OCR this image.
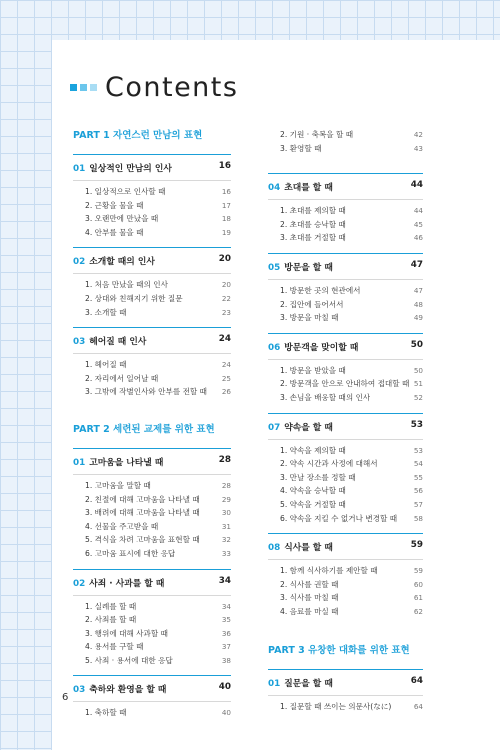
Contents
PART 1 자연스런 만남의 표현
01 일상적인 만남의 인사	16
1. 일상적으로 인사할 때	16
2. 근황을 물을 때	17
3. 오랜만에 만났을 때	18
4. 안부를 물을 때	19
02 소개할 때의 인사	20
1. 처음 만났을 때의 인사	20
2. 상대와 친해지기 위한 질문	22
3. 소개할 때	23
03 헤어질 때 인사	24
1. 헤어질 때	24
2. 자리에서 일어날 때	25
3. 그밖에 작별인사와 안부를 전할 때 26
PART 2 세련된 교제를 위한 표현
01 고마움을 나타낼 때	28
1. 고마움을 말할 때	28
2. 친절에 대해 고마움을 나타낼 때	29
3. 배려에 대해 고마움을 나타낼 때	30
4. 선물을 주고받을 때	31
5. 격식을 차려 고마움을 표현할 때	32
6. 고마움 표시에 대한 응답	33
02 사죄 · 사과를 할 때	34
1. 실례를 할 때	34
2. 사죄를 할 때	35
3. 행위에 대해 사과할 때	36
4. 용서를 구할 때	37
5. 사죄 · 용서에 대한 응답	38
03 축하와 환영을 할 때	40
1. 축하할 때	40
2. 기원 · 축복을 할 때	42
3. 환영할 때	43
04 초대를 할 때	44
1. 초대를 제의할 때	44
2. 초대를 승낙할 때	45
3. 초대를 거절할 때	46
05 방문을 할 때	47
1. 방문한 곳의 현관에서	47
2. 집안에 들어서서	48
3. 방문을 마칠 때	49
06 방문객을 맞이할 때	50
1. 방문을 받았을 때	50
2. 방문객을 안으로 안내하여 접대할 때 51
3. 손님을 배웅할 때의 인사	52
07 약속을 할 때	53
1. 약속을 제의할 때	53
2. 약속 시간과 사정에 대해서	54
3. 만날 장소를 정할 때	55
4. 약속을 승낙할 때	56
5. 약속을 거절할 때	57
6. 약속을 지킬 수 없거나 변경할 때 58
08 식사를 할 때	59
1. 함께 식사하기를 제안할 때	59
2. 식사를 권할 때	60
3. 식사를 마칠 때	61
4. 음료를 마실 때	62
PART 3 유창한 대화를 위한 표현
01 질문을 할 때	64
1. 질문할 때 쓰이는 의문사(なに)	64
6
